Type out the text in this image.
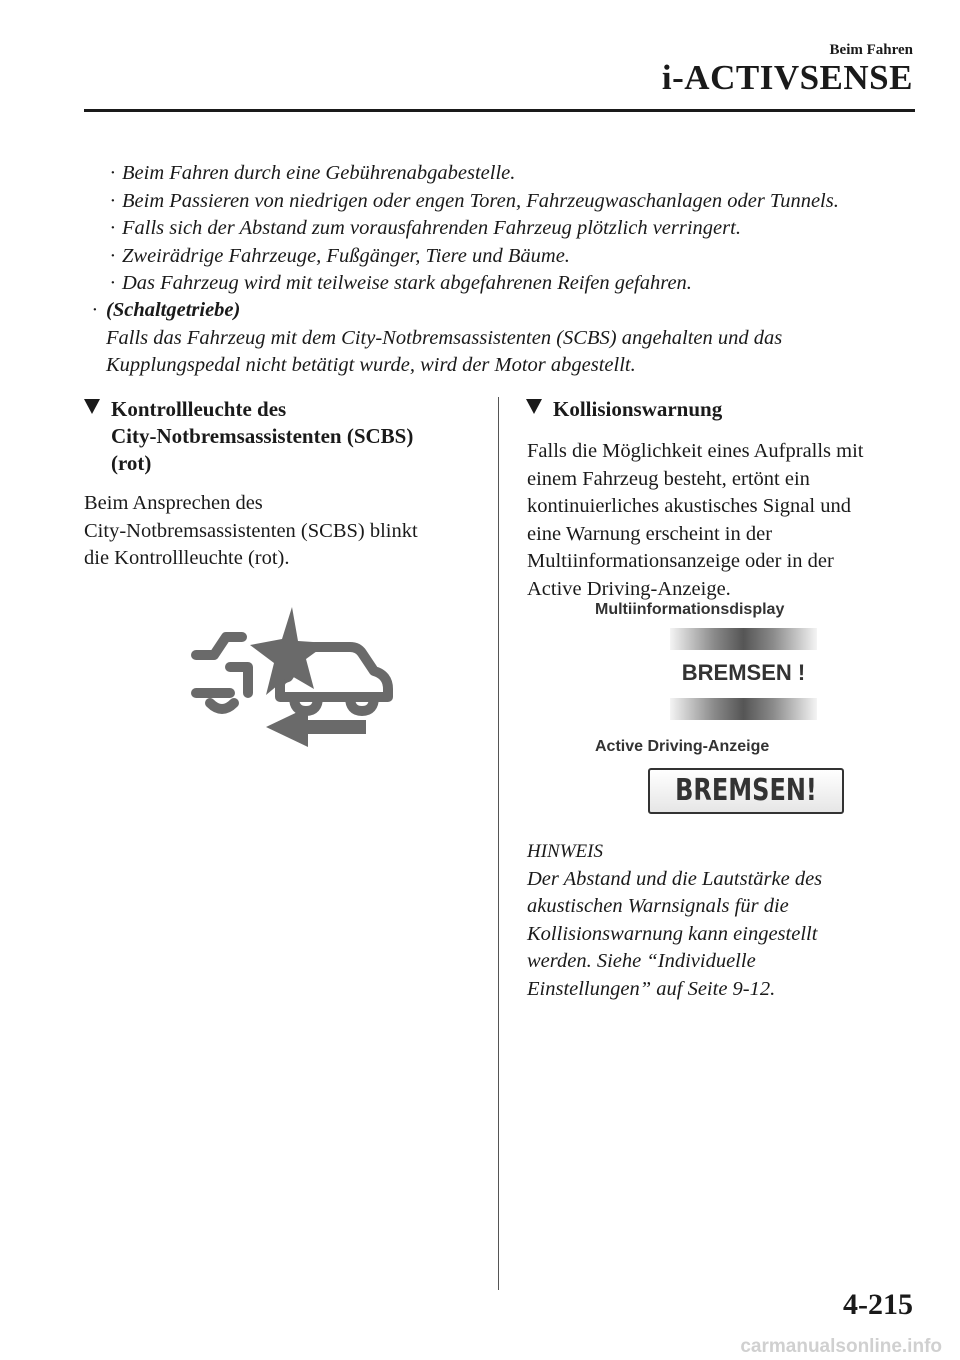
Beim Fahren
i-ACTIVSENSE
· Beim Fahren durch eine Gebührenabgabestelle.
· Beim Passieren von niedrigen oder engen Toren, Fahrzeugwaschanlagen oder Tunnels.
· Falls sich der Abstand zum vorausfahrenden Fahrzeug plötzlich verringert.
· Zweirädrige Fahrzeuge, Fußgänger, Tiere und Bäume.
· Das Fahrzeug wird mit teilweise stark abgefahrenen Reifen gefahren.
· (Schaltgetriebe)
Falls das Fahrzeug mit dem City-Notbremsassistenten (SCBS) angehalten und das
Kupplungspedal nicht betätigt wurde, wird der Motor abgestellt.
Kontrollleuchte des
City-Notbremsassistenten (SCBS)
(rot)
Beim Ansprechen des
City-Notbremsassistenten (SCBS) blinkt
die Kontrollleuchte (rot).
Kollisionswarnung
Falls die Möglichkeit eines Aufpralls mit
einem Fahrzeug besteht, ertönt ein
kontinuierliches akustisches Signal und
eine Warnung erscheint in der
Multiinformationsanzeige oder in der
Active Driving-Anzeige.
Multiinformationsdisplay
BREMSEN !
Active Driving-Anzeige
BREMSEN!
HINWEIS
Der Abstand und die Lautstärke des
akustischen Warnsignals für die
Kollisionswarnung kann eingestellt
werden. Siehe “Individuelle
Einstellungen” auf Seite 9-12.
4-215
carmanualsonline.info
